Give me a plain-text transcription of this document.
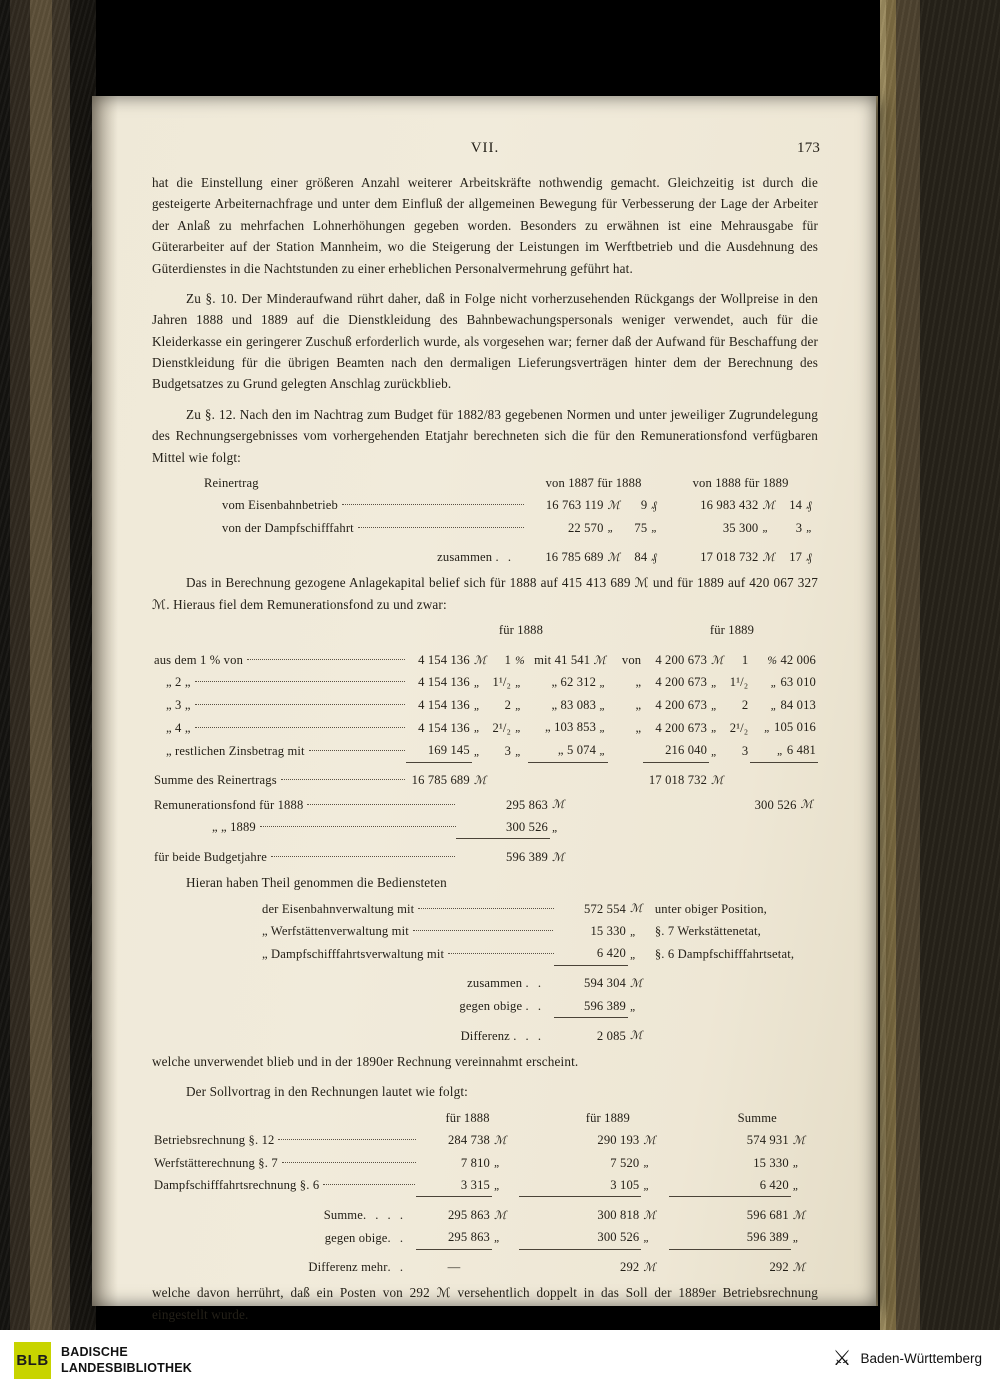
VII.	173

hat die Einstellung einer größeren Anzahl weiterer Arbeitskräfte nothwendig gemacht. Gleichzeitig ist durch die gesteigerte Arbeiternachfrage und unter dem Einfluß der allgemeinen Bewegung für Verbesserung der Lage der Arbeiter der Anlaß zu mehrfachen Lohnerhöhungen gegeben worden. Besonders zu erwähnen ist eine Mehrausgabe für Güterarbeiter auf der Station Mannheim, wo die Steigerung der Leistungen im Werftbetrieb und die Ausdehnung des Güterdienstes in die Nachtstunden zu einer erheblichen Personalvermehrung geführt hat.

Zu §. 10. Der Minderaufwand rührt daher, daß in Folge nicht vorherzusehenden Rückgangs der Wollpreise in den Jahren 1888 und 1889 auf die Dienstkleidung des Bahnbewachungspersonals weniger verwendet, auch für die Kleiderkasse ein geringerer Zuschuß erforderlich wurde, als vorgesehen war; ferner daß der Aufwand für Beschaffung der Dienstkleidung für die übrigen Beamten nach den dermaligen Lieferungsverträgen hinter dem der Berechnung des Budgetsatzes zu Grund gelegten Anschlag zurückblieb.

Zu §. 12. Nach den im Nachtrag zum Budget für 1882/83 gegebenen Normen und unter jeweiliger Zugrundelegung des Rechnungsergebnisses vom vorhergehenden Etatjahr berechneten sich die für den Remunerationsfond verfügbaren Mittel wie folgt:

Reinertrag	von 1887 für 1888				von 1888 für 1889			
vom Eisenbahnbetrieb	16 763 119	ℳ	9	₰	16 983 432	ℳ	14	₰
von der Dampfschifffahrt	22 570	„	75	„	35 300	„	3	„

zusammen . .	16 785 689	ℳ	84	₰	17 018 732	ℳ	17	₰

Das in Berechnung gezogene Anlagekapital belief sich für 1888 auf 415 413 689 ℳ und für 1889 auf 420 067 327 ℳ. Hieraus fiel dem Remunerationsfond zu und zwar:

	für 1888					für 1889				

aus dem 1 % von	4 154 136	ℳ	1	%	mit 41 541 ℳ	von	4 200 673	ℳ	1	% 42 006
„ 2 „	4 154 136	„	1¹/₂	„	„ 62 312 „	„	4 200 673	„	1¹/₂	„ 63 010
„ 3 „	4 154 136	„	2	„	„ 83 083 „	„	4 200 673	„	2	„ 84 013
„ 4 „	4 154 136	„	2¹/₂	„	„ 103 853 „	„	4 200 673	„	2¹/₂	„ 105 016
„ restlichen Zinsbetrag mit	169 145	„	3	„	„ 5 074 „		216 040	„	3	„ 6 481

Summe des Reinertrags	16 785 689	ℳ					17 018 732	ℳ		
Remunerationsfond für 1888	295 863	ℳ	300 526	ℳ
„ „ 1889	300 526	„		

für beide Budgetjahre	596 389	ℳ		

Hieran haben Theil genommen die Bediensteten

der Eisenbahnverwaltung mit	572 554	ℳ	unter obiger Position,
„ Werfstättenverwaltung mit	15 330	„	§. 7 Werkstättenetat,
„ Dampfschifffahrtsverwaltung mit	6 420	„	§. 6 Dampfschifffahrtsetat,

zusammen . .	594 304	ℳ	
gegen obige . .	596 389	„	

Differenz . . .	2 085	ℳ	

welche unverwendet blieb und in der 1890er Rechnung vereinnahmt erscheint.

Der Sollvortrag in den Rechnungen lautet wie folgt:

	für 1888		für 1889		Summe	
Betriebsrechnung §. 12	284 738	ℳ	290 193	ℳ	574 931	ℳ
Werfstätterechnung §. 7	7 810	„	7 520	„	15 330	„
Dampfschifffahrtsrechnung §. 6	3 315	„	3 105	„	6 420	„

Summe. . . .	295 863	ℳ	300 818	ℳ	596 681	ℳ
gegen obige. .	295 863	„	300 526	„	596 389	„

Differenz mehr. .	—		292	ℳ	292	ℳ

welche davon herrührt, daß ein Posten von 292 ℳ versehentlich doppelt in das Soll der 1889er Betriebsrechnung eingestellt wurde.

BLB
BADISCHE
LANDESBIBLIOTHEK	⚔ Baden-Württemberg
